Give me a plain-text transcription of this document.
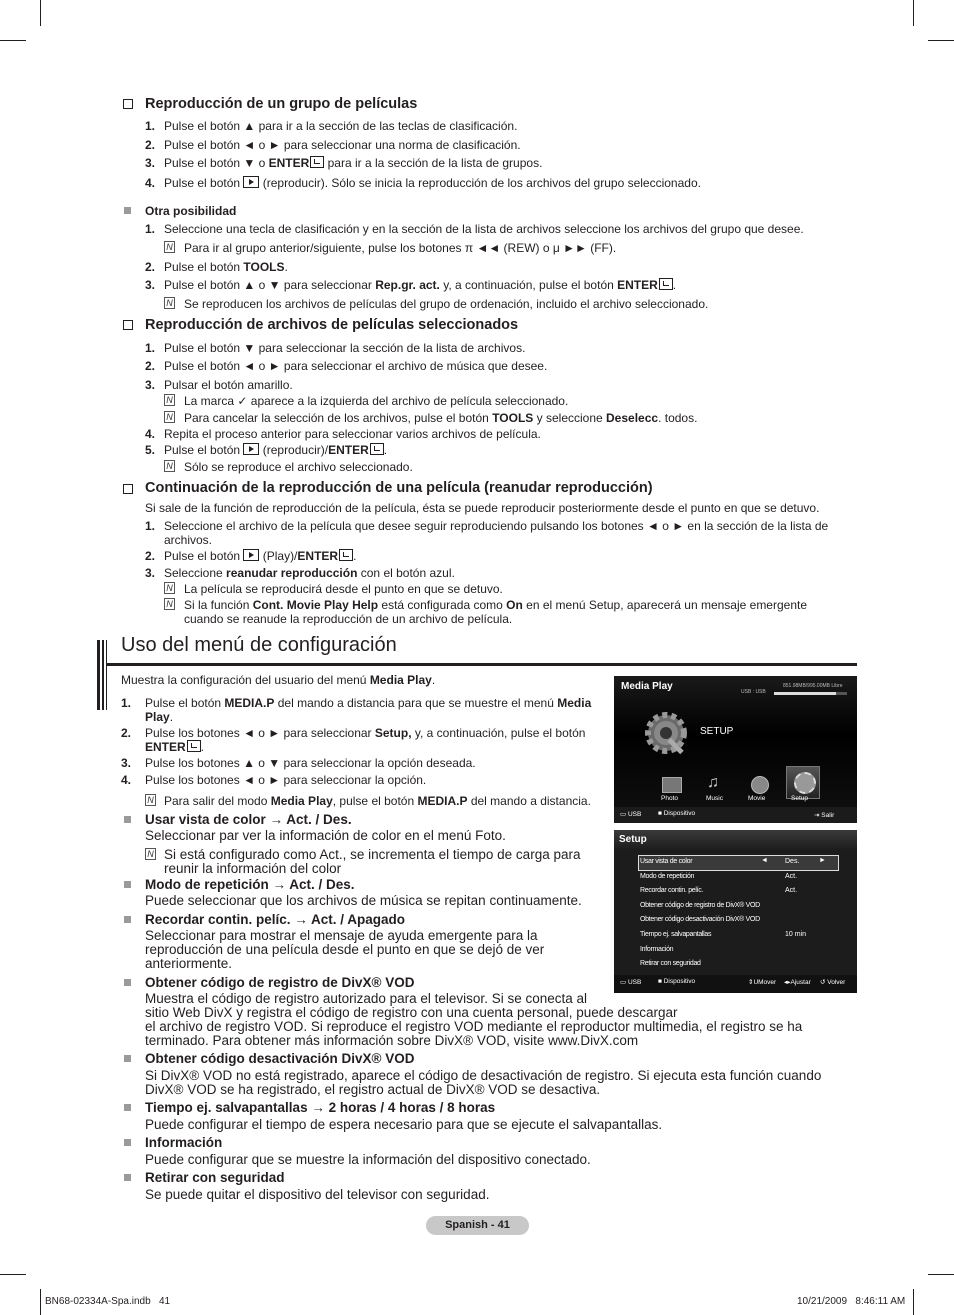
Reproducción de un grupo de películas
1. Pulse el botón ▲ para ir a la sección de las teclas de clasificación.
2. Pulse el botón ◄ o ► para seleccionar una norma de clasificación.
3. Pulse el botón ▼ o ENTER para ir a la sección de la lista de grupos.
4. Pulse el botón  (reproducir). Sólo se inicia la reproducción de los archivos del grupo seleccionado.
Otra posibilidad
1. Seleccione una tecla de clasificación y en la sección de la lista de archivos seleccione los archivos del grupo que desee.
N Para ir al grupo anterior/siguiente, pulse los botones π ◄◄ (REW) o μ ►► (FF).
2. Pulse el botón TOOLS.
3. Pulse el botón ▲ o ▼ para seleccionar Rep.gr. act. y, a continuación, pulse el botón ENTER .
N Se reproducen los archivos de películas del grupo de ordenación, incluido el archivo seleccionado.
Reproducción de archivos de películas seleccionados
1. Pulse el botón ▼ para seleccionar la sección de la lista de archivos.
2. Pulse el botón ◄ o ► para seleccionar el archivo de música que desee.
3. Pulsar el botón amarillo.
N La marca ✓ aparece a la izquierda del archivo de película seleccionado.
N Para cancelar la selección de los archivos, pulse el botón TOOLS y seleccione Deselecc. todos.
4. Repita el proceso anterior para seleccionar varios archivos de película.
5. Pulse el botón  (reproducir)/ENTER .
N Sólo se reproduce el archivo seleccionado.
Continuación de la reproducción de una película (reanudar reproducción)
Si sale de la función de reproducción de la película, ésta se puede reproducir posteriormente desde el punto en que se detuvo.
1. Seleccione el archivo de la película que desee seguir reproduciendo pulsando los botones ◄ o ► en la sección de la lista de
archivos.
2. Pulse el botón  (Play)/ENTER .
3. Seleccione reanudar reproducción con el botón azul.
N La película se reproducirá desde el punto en que se detuvo.
N Si la función Cont. Movie Play Help está configurada como On en el menú Setup, aparecerá un mensaje emergente
cuando se reanude la reproducción de un archivo de película.
Uso del menú de configuración
Muestra la configuración del usuario del menú Media Play.
1. Pulse el botón MEDIA.P del mando a distancia para que se muestre el menú Media
Play.
2. Pulse los botones ◄ o ► para seleccionar Setup, y, a continuación, pulse el botón
ENTER .
3. Pulse los botones ▲ o ▼ para seleccionar la opción deseada.
4. Pulse los botones ◄ o ► para seleccionar la opción.
N Para salir del modo Media Play, pulse el botón MEDIA.P del mando a distancia.
Usar vista de color → Act. / Des.
Seleccionar par ver la información de color en el menú Foto.
N Si está configurado como Act., se incrementa el tiempo de carga para
reunir la información del color
Modo de repetición → Act. / Des.
Puede seleccionar que los archivos de música se repitan continuamente.
Recordar contin. pelíc. → Act. / Apagado
Seleccionar para mostrar el mensaje de ayuda emergente para la
reproducción de una película desde el punto en que se dejó de ver
anteriormente.
Obtener código de registro de DivX® VOD
Muestra el código de registro autorizado para el televisor. Si se conecta al
sitio Web DivX y registra el código de registro con una cuenta personal, puede descargar
el archivo de registro VOD. Si reproduce el registro VOD mediante el reproductor multimedia, el registro se ha
terminado. Para obtener más información sobre DivX® VOD, visite www.DivX.com
Obtener código desactivación DivX® VOD
Si DivX® VOD no está registrado, aparece el código de desactivación de registro. Si ejecuta esta función cuando
DivX® VOD se ha registrado, el registro actual de DivX® VOD se desactiva.
Tiempo ej. salvapantallas → 2 horas / 4 horas / 8 horas
Puede configurar el tiempo de espera necesario para que se ejecute el salvapantallas.
Información
Puede configurar que se muestre la información del dispositivo conectado.
Retirar con seguridad
Se puede quitar el dispositivo del televisor con seguridad.
Media Play	851.98MB/995.00MB Libre
USB : USB
SETUP
♫
Photo	Music	Movie	Setup
▭ USB	■ Dispositivo	⇥ Salir
Setup
Usar vista de color	Des.
Modo de repetición	Act.
Recordar contin. pelíc.	Act.
Obtener código de registro de DivX® VOD
Obtener código desactivación DivX® VOD
Tiempo ej. salvapantallas	10 min
Información
Retirar con seguridad
◄	►
▭ USB	■ Dispositivo	⇕UMover ◂▸Ajustar ↺ Volver
Spanish - 41
BN68-02334A-Spa.indb   41	10/21/2009   8:46:11 AM
